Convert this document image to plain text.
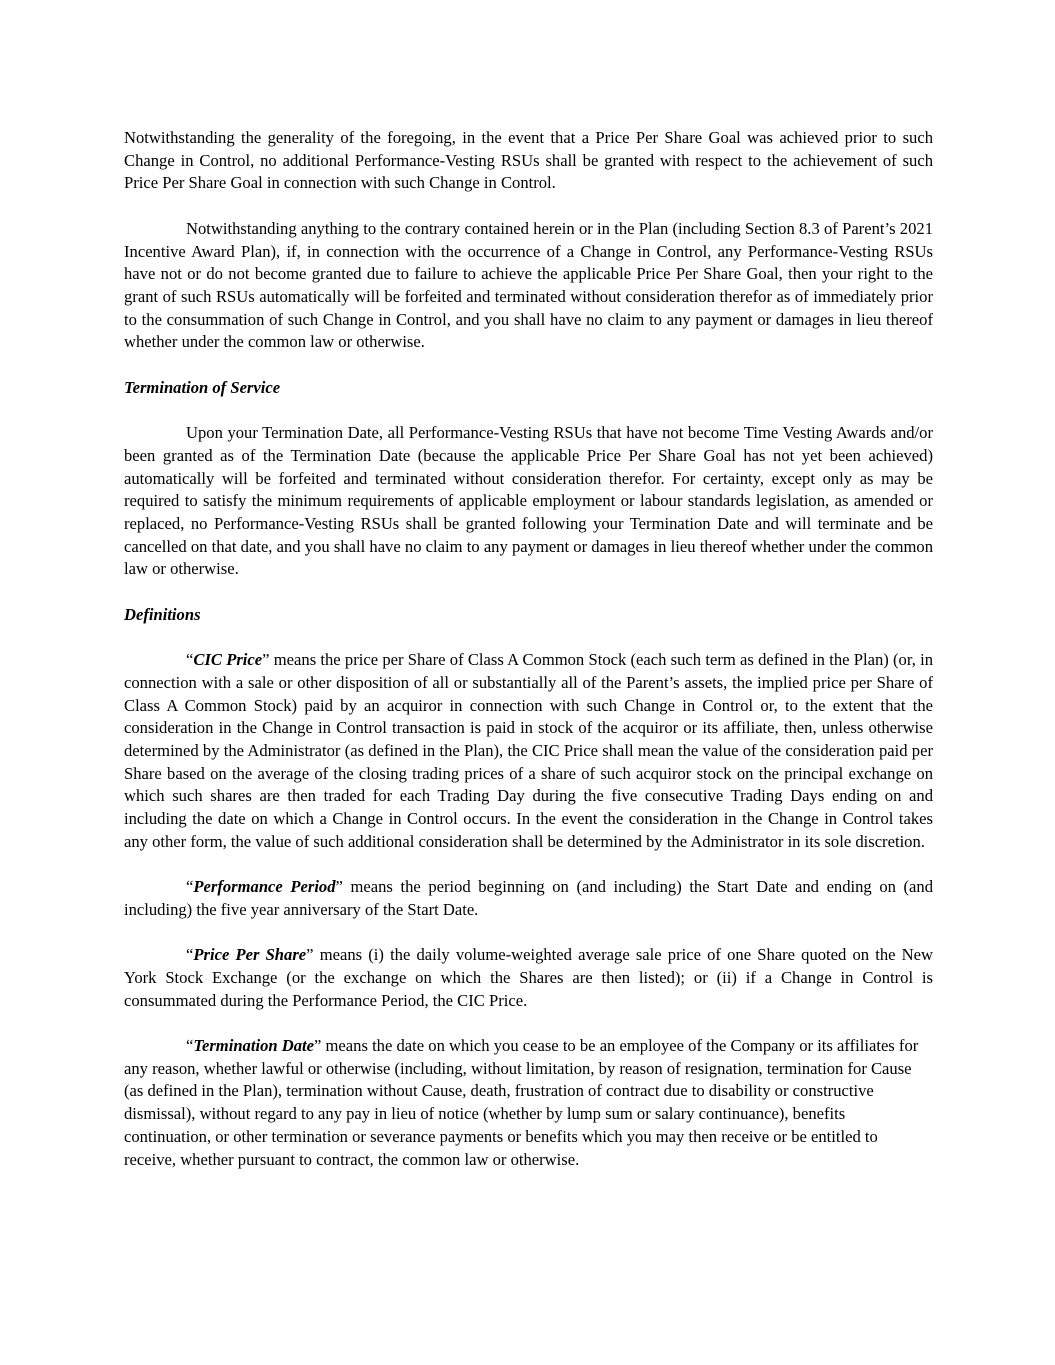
Notwithstanding the generality of the foregoing, in the event that a Price Per Share Goal was achieved prior to such Change in Control, no additional Performance-Vesting RSUs shall be granted with respect to the achievement of such Price Per Share Goal in connection with such Change in Control.

Notwithstanding anything to the contrary contained herein or in the Plan (including Section 8.3 of Parent’s 2021 Incentive Award Plan), if, in connection with the occurrence of a Change in Control, any Performance-Vesting RSUs have not or do not become granted due to failure to achieve the applicable Price Per Share Goal, then your right to the grant of such RSUs automatically will be forfeited and terminated without consideration therefor as of immediately prior to the consummation of such Change in Control, and you shall have no claim to any payment or damages in lieu thereof whether under the common law or otherwise.

Termination of Service

Upon your Termination Date, all Performance-Vesting RSUs that have not become Time Vesting Awards and/or been granted as of the Termination Date (because the applicable Price Per Share Goal has not yet been achieved) automatically will be forfeited and terminated without consideration therefor. For certainty, except only as may be required to satisfy the minimum requirements of applicable employment or labour standards legislation, as amended or replaced, no Performance-Vesting RSUs shall be granted following your Termination Date and will terminate and be cancelled on that date, and you shall have no claim to any payment or damages in lieu thereof whether under the common law or otherwise.

Definitions

“CIC Price” means the price per Share of Class A Common Stock (each such term as defined in the Plan) (or, in connection with a sale or other disposition of all or substantially all of the Parent’s assets, the implied price per Share of Class A Common Stock) paid by an acquiror in connection with such Change in Control or, to the extent that the consideration in the Change in Control transaction is paid in stock of the acquiror or its affiliate, then, unless otherwise determined by the Administrator (as defined in the Plan), the CIC Price shall mean the value of the consideration paid per Share based on the average of the closing trading prices of a share of such acquiror stock on the principal exchange on which such shares are then traded for each Trading Day during the five consecutive Trading Days ending on and including the date on which a Change in Control occurs. In the event the consideration in the Change in Control takes any other form, the value of such additional consideration shall be determined by the Administrator in its sole discretion.

“Performance Period” means the period beginning on (and including) the Start Date and ending on (and including) the five year anniversary of the Start Date.

“Price Per Share” means (i) the daily volume-weighted average sale price of one Share quoted on the New York Stock Exchange (or the exchange on which the Shares are then listed); or (ii) if a Change in Control is consummated during the Performance Period, the CIC Price.

“Termination Date” means the date on which you cease to be an employee of the Company or its affiliates for any reason, whether lawful or otherwise (including, without limitation, by reason of resignation, termination for Cause (as defined in the Plan), termination without Cause, death, frustration of contract due to disability or constructive dismissal), without regard to any pay in lieu of notice (whether by lump sum or salary continuance), benefits continuation, or other termination or severance payments or benefits which you may then receive or be entitled to receive, whether pursuant to contract, the common law or otherwise.
